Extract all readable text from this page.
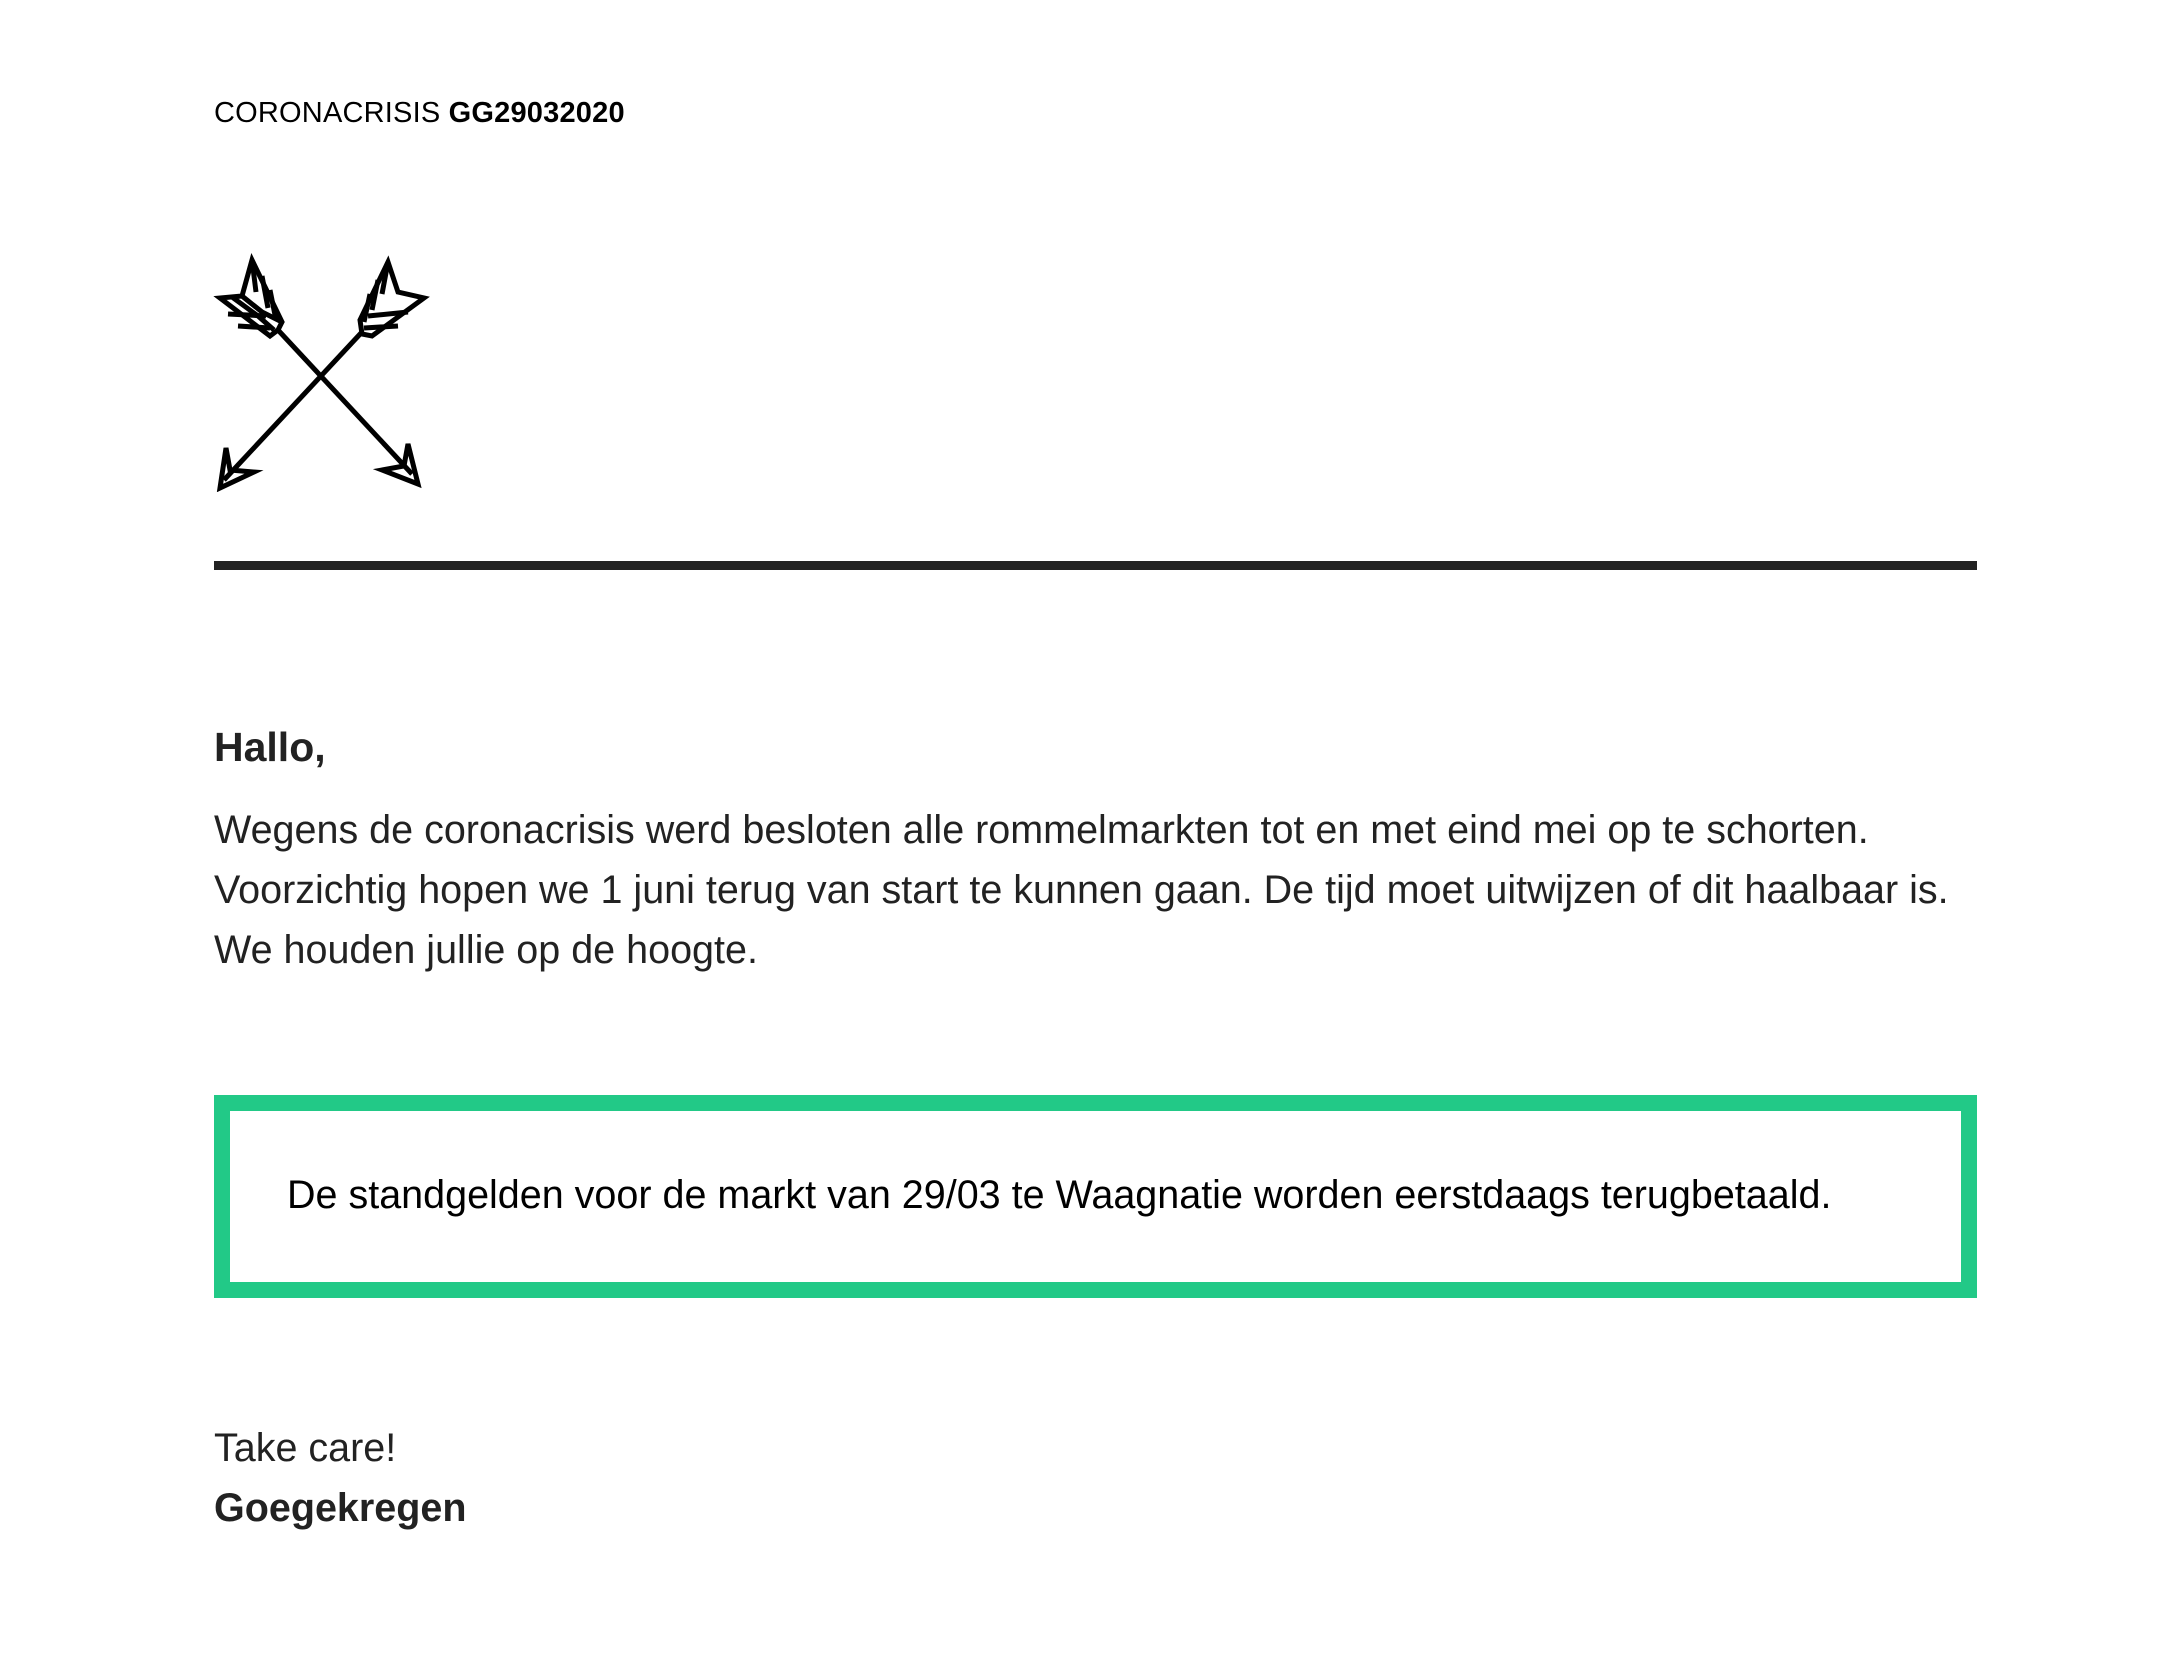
CORONACRISIS GG29032020
Hallo,
Wegens de coronacrisis werd besloten alle rommelmarkten tot en met eind mei op te schorten. Voorzichtig hopen we 1 juni terug van start te kunnen gaan. De tijd moet uitwijzen of dit haalbaar is. We houden jullie op de hoogte.
De standgelden voor de markt van 29/03 te Waagnatie worden eerstdaags terugbetaald.
Take care!
Goegekregen
